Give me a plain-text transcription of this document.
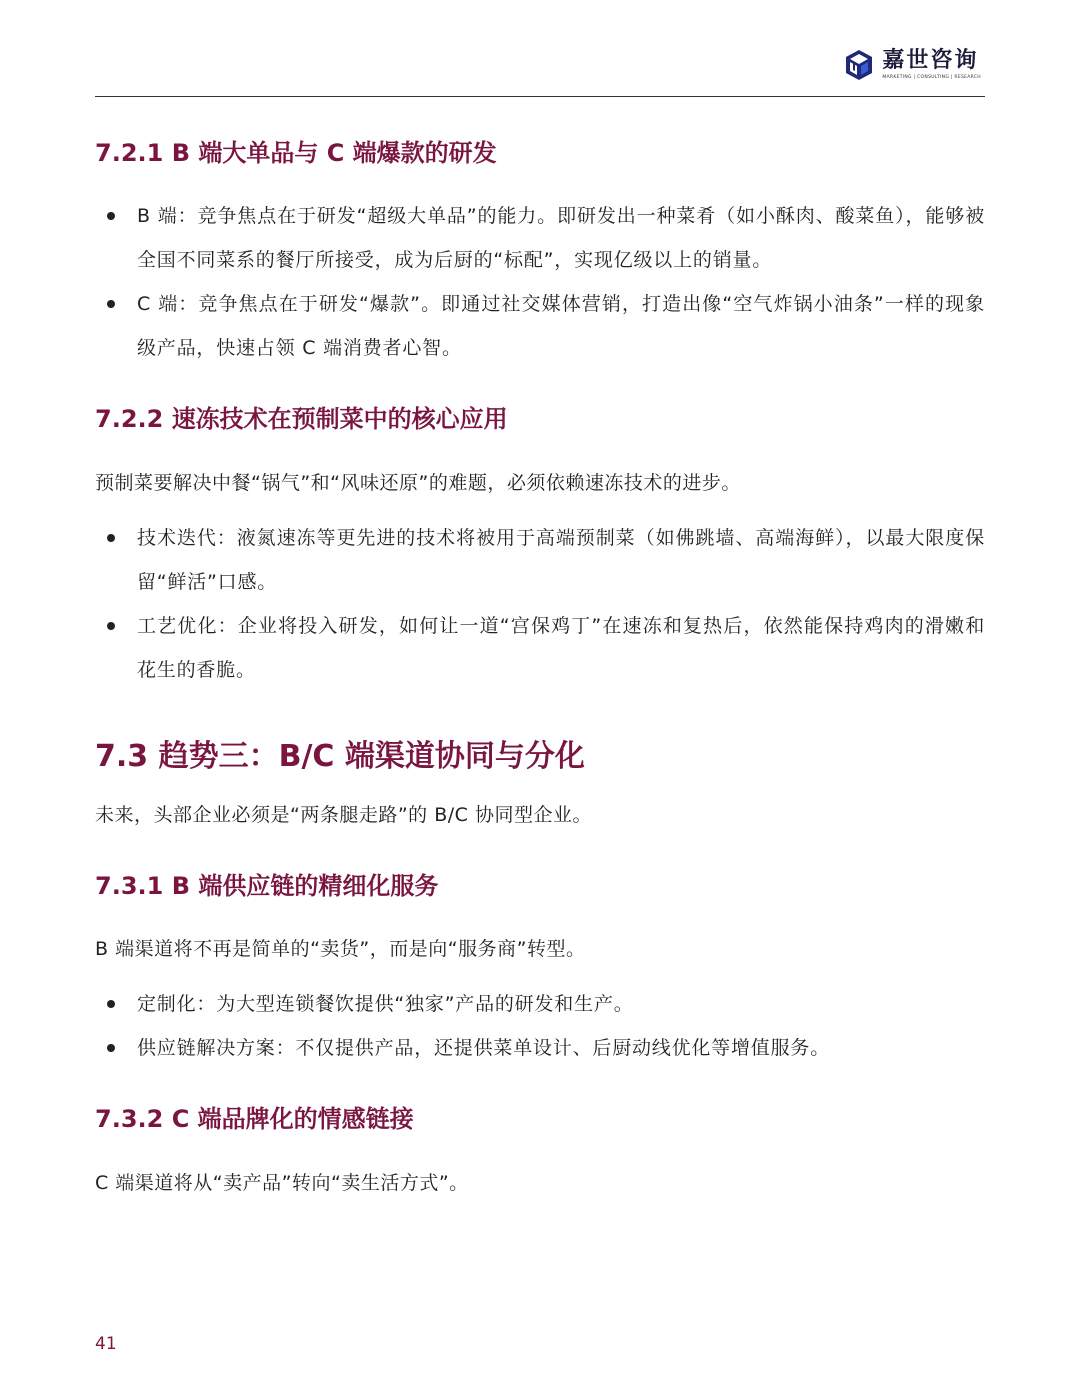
嘉世咨询
MARKETING | CONSULTING | RESEARCH
7.2.1 B 端大单品与 C 端爆款的研发
B 端：竞争焦点在于研发“超级大单品”的能力。即研发出一种菜肴（如小酥肉、酸菜鱼），能够被全国不同菜系的餐厅所接受，成为后厨的“标配”，实现亿级以上的销量。
C 端：竞争焦点在于研发“爆款”。即通过社交媒体营销，打造出像“空气炸锅小油条”一样的现象级产品，快速占领 C 端消费者心智。
7.2.2 速冻技术在预制菜中的核心应用
预制菜要解决中餐“锅气”和“风味还原”的难题，必须依赖速冻技术的进步。
技术迭代：液氮速冻等更先进的技术将被用于高端预制菜（如佛跳墙、高端海鲜），以最大限度保留“鲜活”口感。
工艺优化：企业将投入研发，如何让一道“宫保鸡丁”在速冻和复热后，依然能保持鸡肉的滑嫩和花生的香脆。
7.3 趋势三：B/C 端渠道协同与分化
未来，头部企业必须是“两条腿走路”的 B/C 协同型企业。
7.3.1 B 端供应链的精细化服务
B 端渠道将不再是简单的“卖货”，而是向“服务商”转型。
定制化：为大型连锁餐饮提供“独家”产品的研发和生产。
供应链解决方案：不仅提供产品，还提供菜单设计、后厨动线优化等增值服务。
7.3.2 C 端品牌化的情感链接
C 端渠道将从“卖产品”转向“卖生活方式”。
41
